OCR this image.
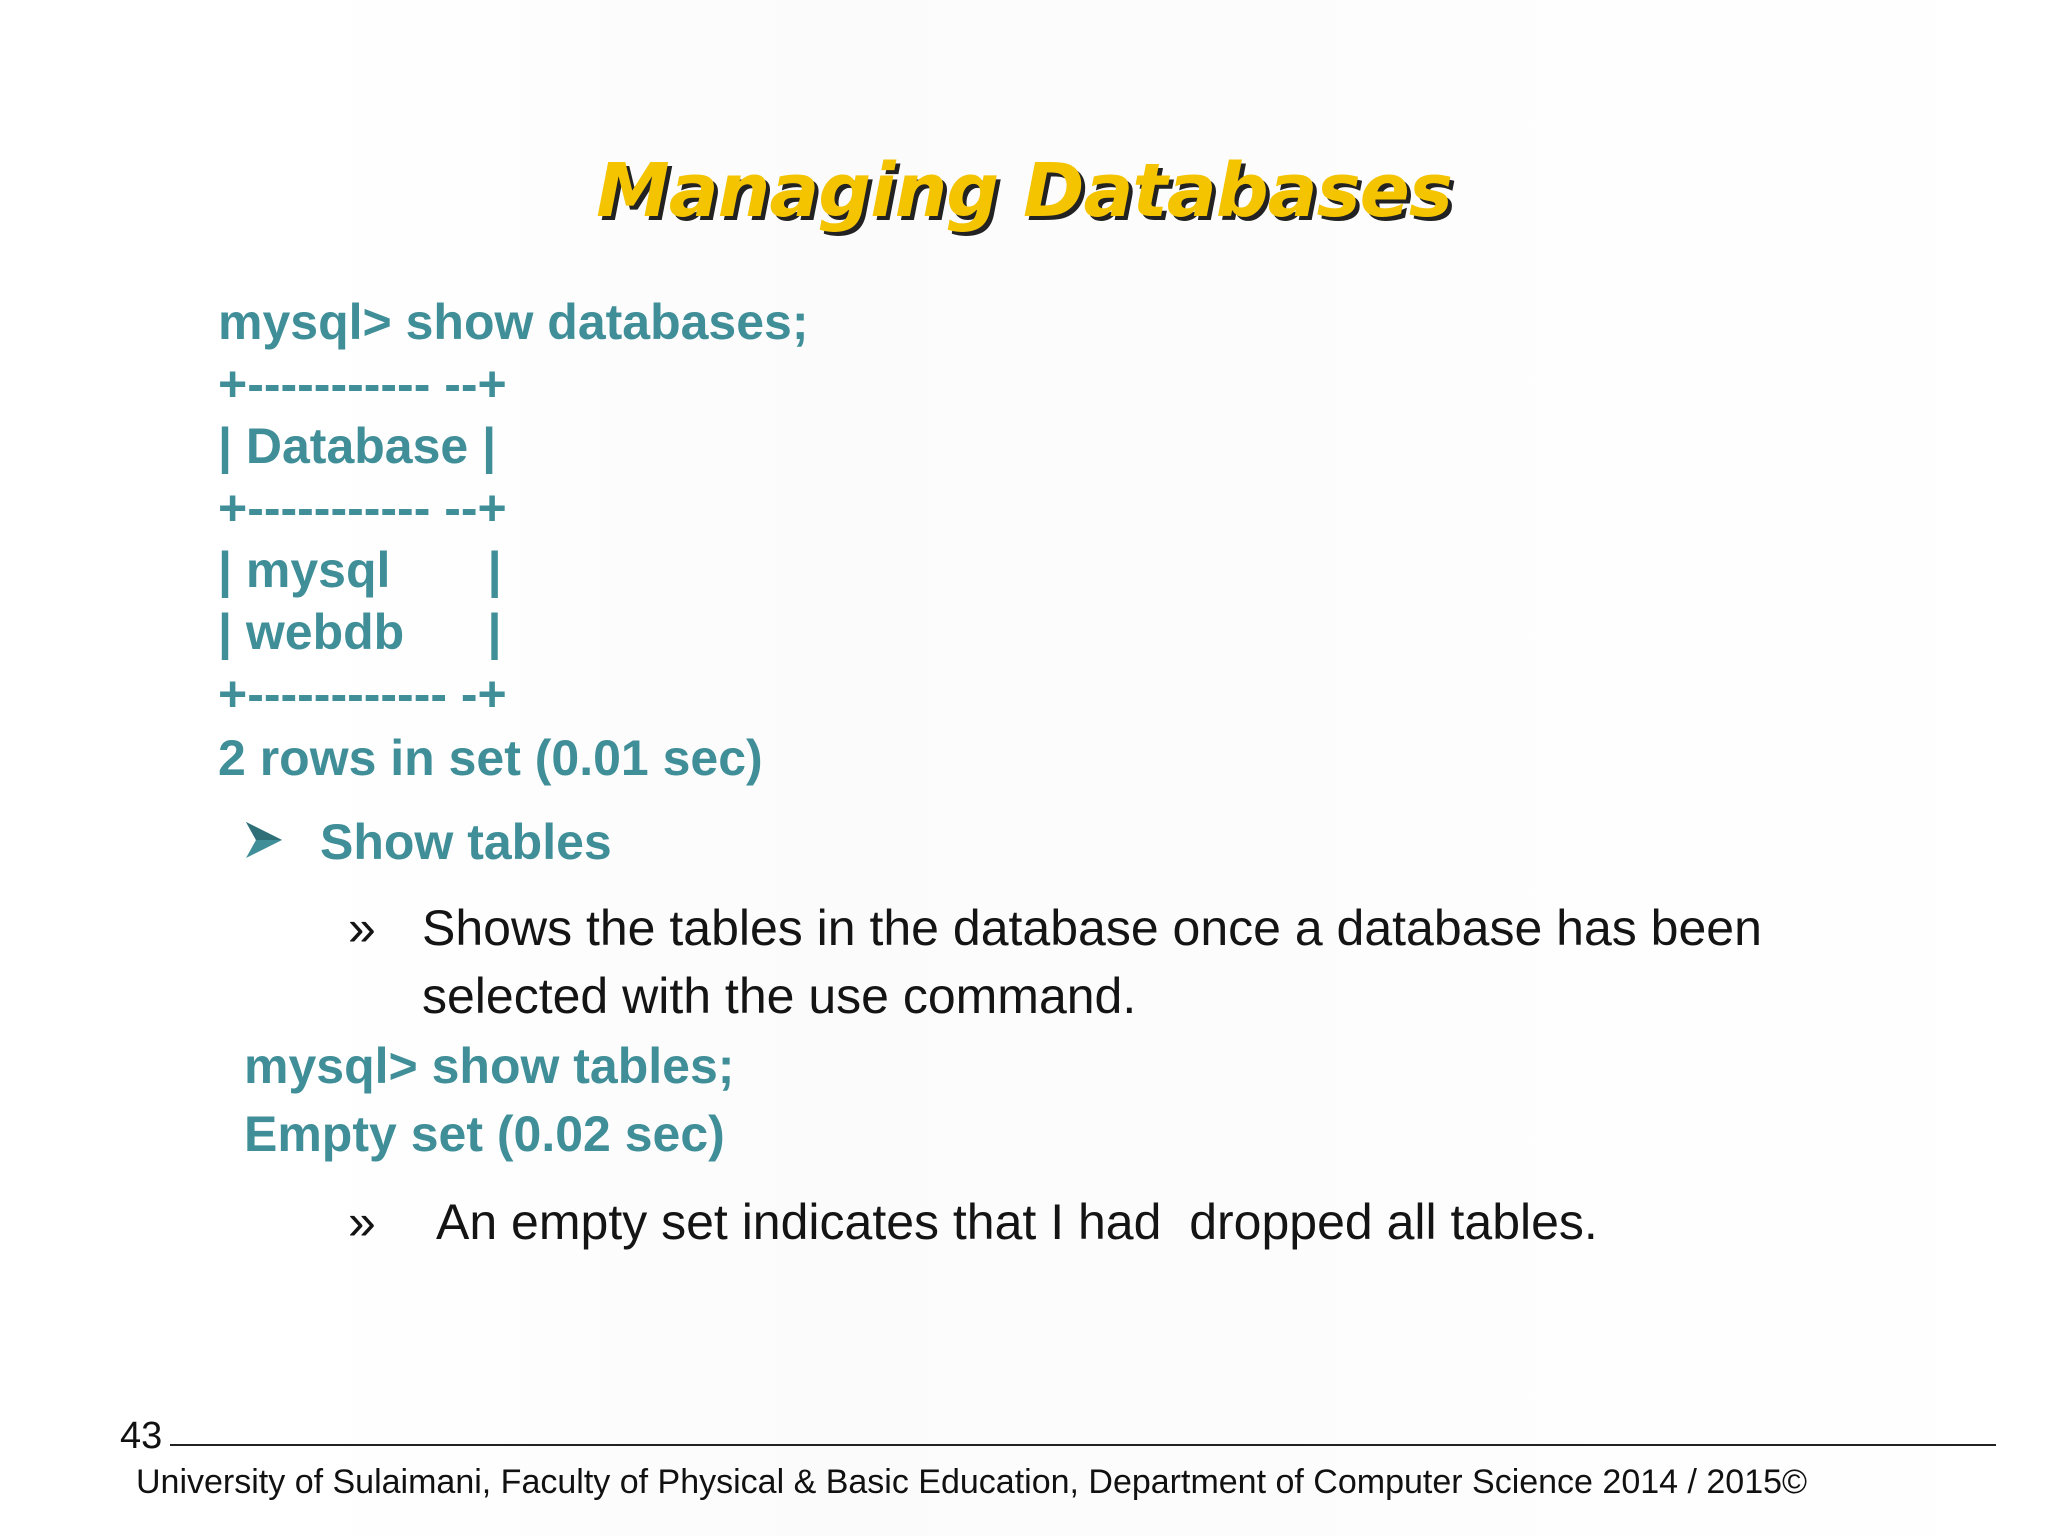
Managing Databases

mysql> show databases;

+----------- --+

| Database |

+----------- --+

| mysql       |

| webdb      |

+------------ -+

2 rows in set (0.01 sec)

Show tables

» Shows the tables in the database once a database has been

selected with the use command.

mysql> show tables;

Empty set (0.02 sec)

» An empty set indicates that I had  dropped all tables.

43
University of Sulaimani, Faculty of Physical & Basic Education, Department of Computer Science 2014 / 2015©
